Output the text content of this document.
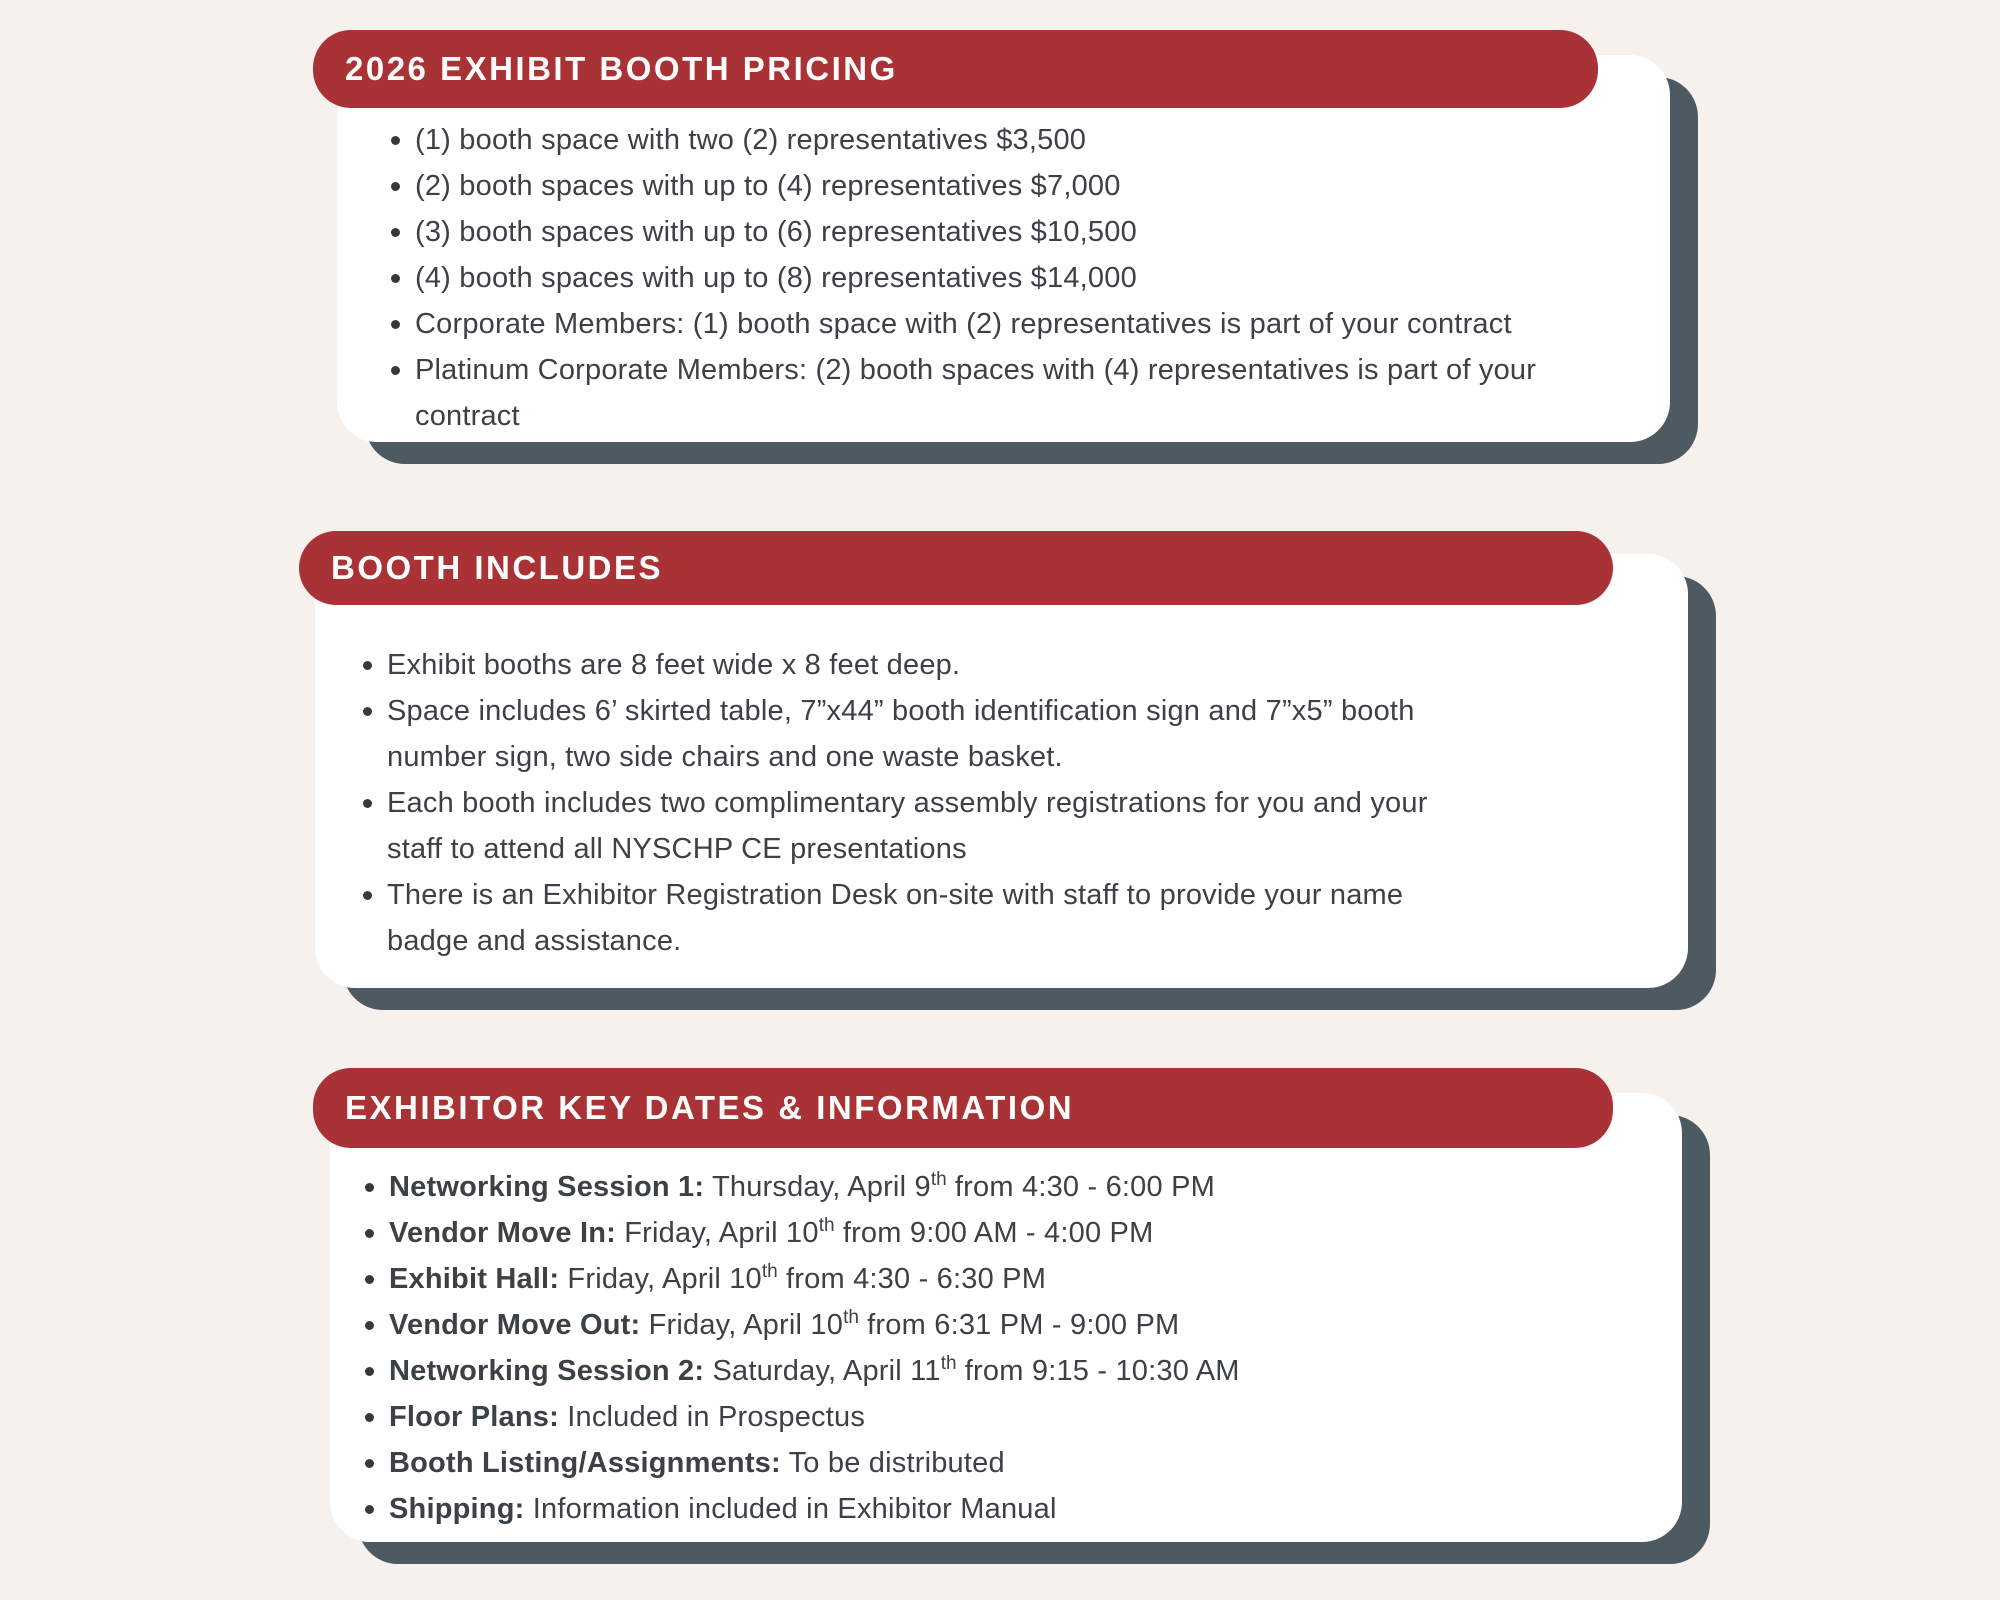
(1) booth space with two (2) representatives $3,500
(2) booth spaces with up to (4) representatives $7,000
(3) booth spaces with up to (6) representatives $10,500
(4) booth spaces with up to (8) representatives $14,000
Corporate Members: (1) booth space with (2) representatives is part of your contract
Platinum Corporate Members: (2) booth spaces with (4) representatives is part of your
contract
2026 EXHIBIT BOOTH PRICING
Exhibit booths are 8 feet wide x 8 feet deep.
Space includes 6’ skirted table, 7”x44” booth identification sign and 7”x5” booth
number sign, two side chairs and one waste basket.
Each booth includes two complimentary assembly registrations for you and your
staff to attend all NYSCHP CE presentations
There is an Exhibitor Registration Desk on-site with staff to provide your name
badge and assistance.
BOOTH INCLUDES
Networking Session 1: Thursday, April 9th from 4:30 - 6:00 PM
Vendor Move In: Friday, April 10th from 9:00 AM - 4:00 PM
Exhibit Hall: Friday, April 10th from 4:30 - 6:30 PM
Vendor Move Out: Friday, April 10th from 6:31 PM - 9:00 PM
Networking Session 2: Saturday, April 11th from 9:15 - 10:30 AM
Floor Plans: Included in Prospectus
Booth Listing/Assignments: To be distributed
Shipping: Information included in Exhibitor Manual
EXHIBITOR KEY DATES & INFORMATION
